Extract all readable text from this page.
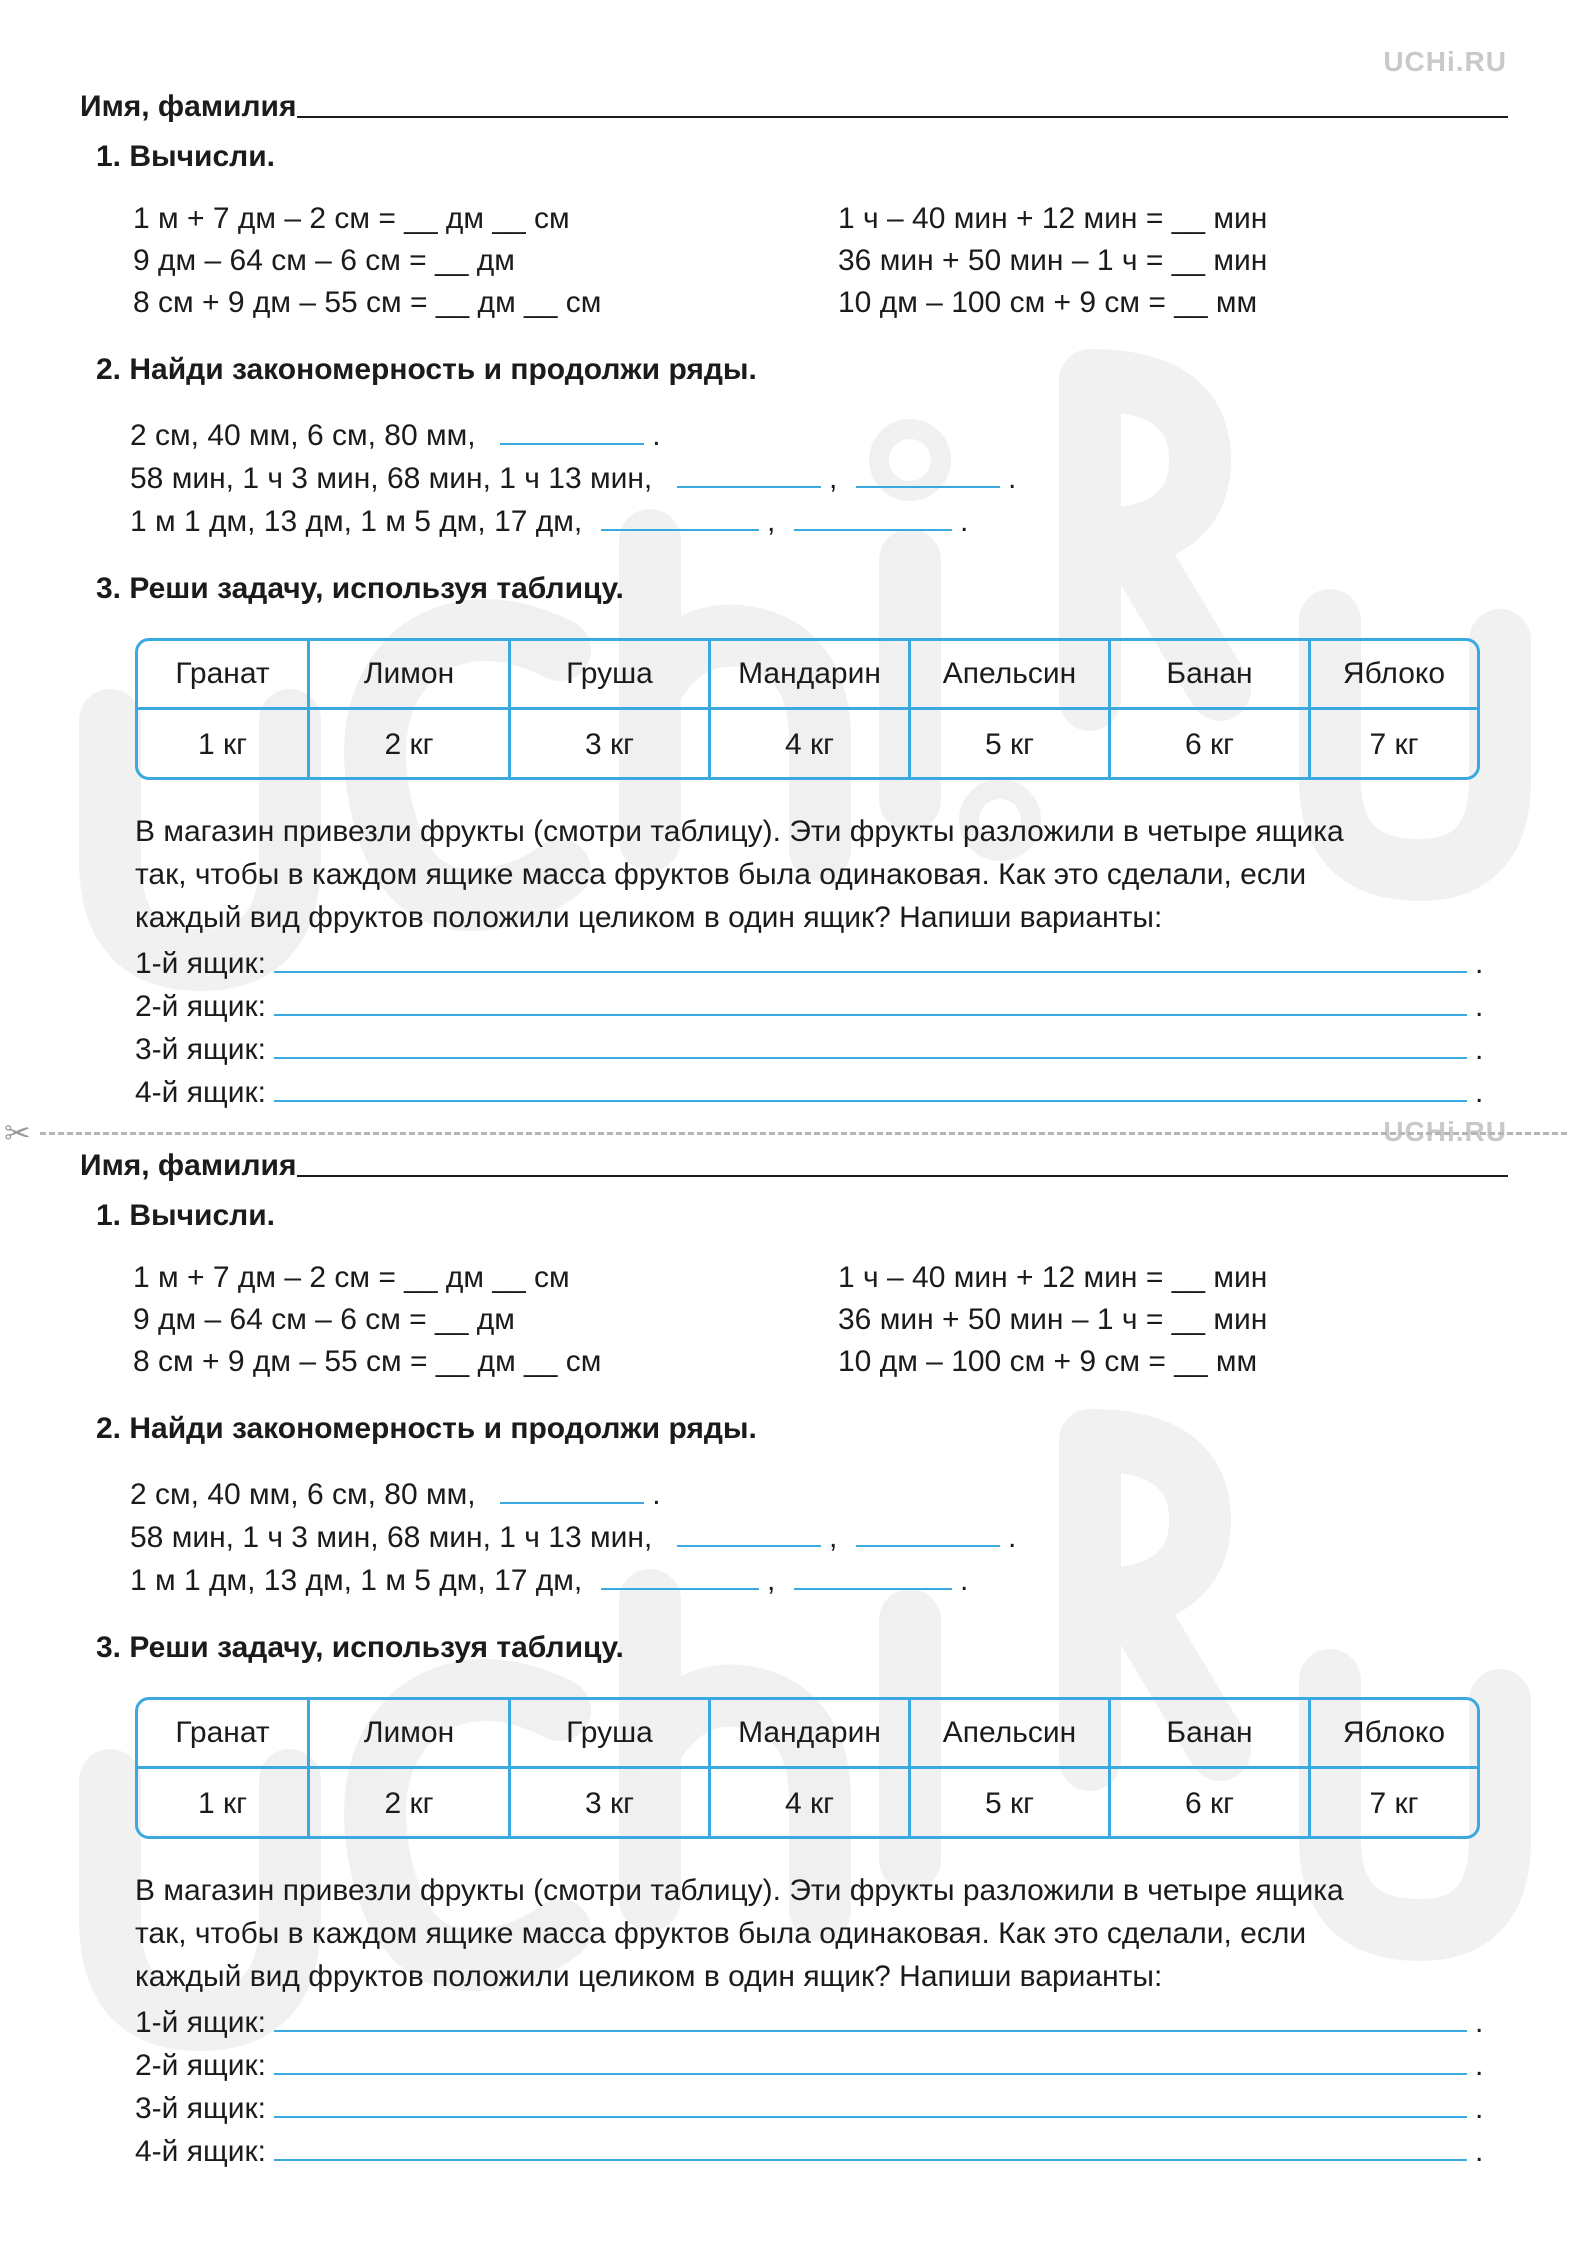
UCHi.RU
UCHi.RU
✂
Имя, фамилия
1. Вычисли.
1 м + 7 дм – 2 см = __ дм __ см
9 дм – 64 см – 6 см = __ дм
8 см + 9 дм – 55 см = __ дм __ см
1 ч – 40 мин + 12 мин = __ мин
36 мин + 50 мин – 1 ч = __ мин
10 дм – 100 см + 9 см = __ мм
2. Найди закономерность и продолжи ряды.
2 см, 40 мм, 6 см, 80 мм,	.
58 мин, 1 ч 3 мин, 68 мин, 1 ч 13 мин,	,	.
1 м 1 дм, 13 дм, 1 м 5 дм, 17 дм,	,	.
3. Реши задачу, используя таблицу.
Гранат	Лимон	Груша	Мандарин	Апельсин	Банан	Яблоко
1 кг	2 кг	3 кг	4 кг	5 кг	6 кг	7 кг
В магазин привезли фрукты (смотри таблицу). Эти фрукты разложили в четыре ящика
так, чтобы в каждом ящике масса фруктов была одинаковая. Как это сделали, если
каждый вид фруктов положили целиком в один ящик? Напиши варианты:
1-й ящик:	.
2-й ящик:	.
3-й ящик:	.
4-й ящик:	.
Имя, фамилия
1. Вычисли.
1 м + 7 дм – 2 см = __ дм __ см
9 дм – 64 см – 6 см = __ дм
8 см + 9 дм – 55 см = __ дм __ см
1 ч – 40 мин + 12 мин = __ мин
36 мин + 50 мин – 1 ч = __ мин
10 дм – 100 см + 9 см = __ мм
2. Найди закономерность и продолжи ряды.
2 см, 40 мм, 6 см, 80 мм,	.
58 мин, 1 ч 3 мин, 68 мин, 1 ч 13 мин,	,	.
1 м 1 дм, 13 дм, 1 м 5 дм, 17 дм,	,	.
3. Реши задачу, используя таблицу.
Гранат	Лимон	Груша	Мандарин	Апельсин	Банан	Яблоко
1 кг	2 кг	3 кг	4 кг	5 кг	6 кг	7 кг
В магазин привезли фрукты (смотри таблицу). Эти фрукты разложили в четыре ящика
так, чтобы в каждом ящике масса фруктов была одинаковая. Как это сделали, если
каждый вид фруктов положили целиком в один ящик? Напиши варианты:
1-й ящик:	.
2-й ящик:	.
3-й ящик:	.
4-й ящик:	.
